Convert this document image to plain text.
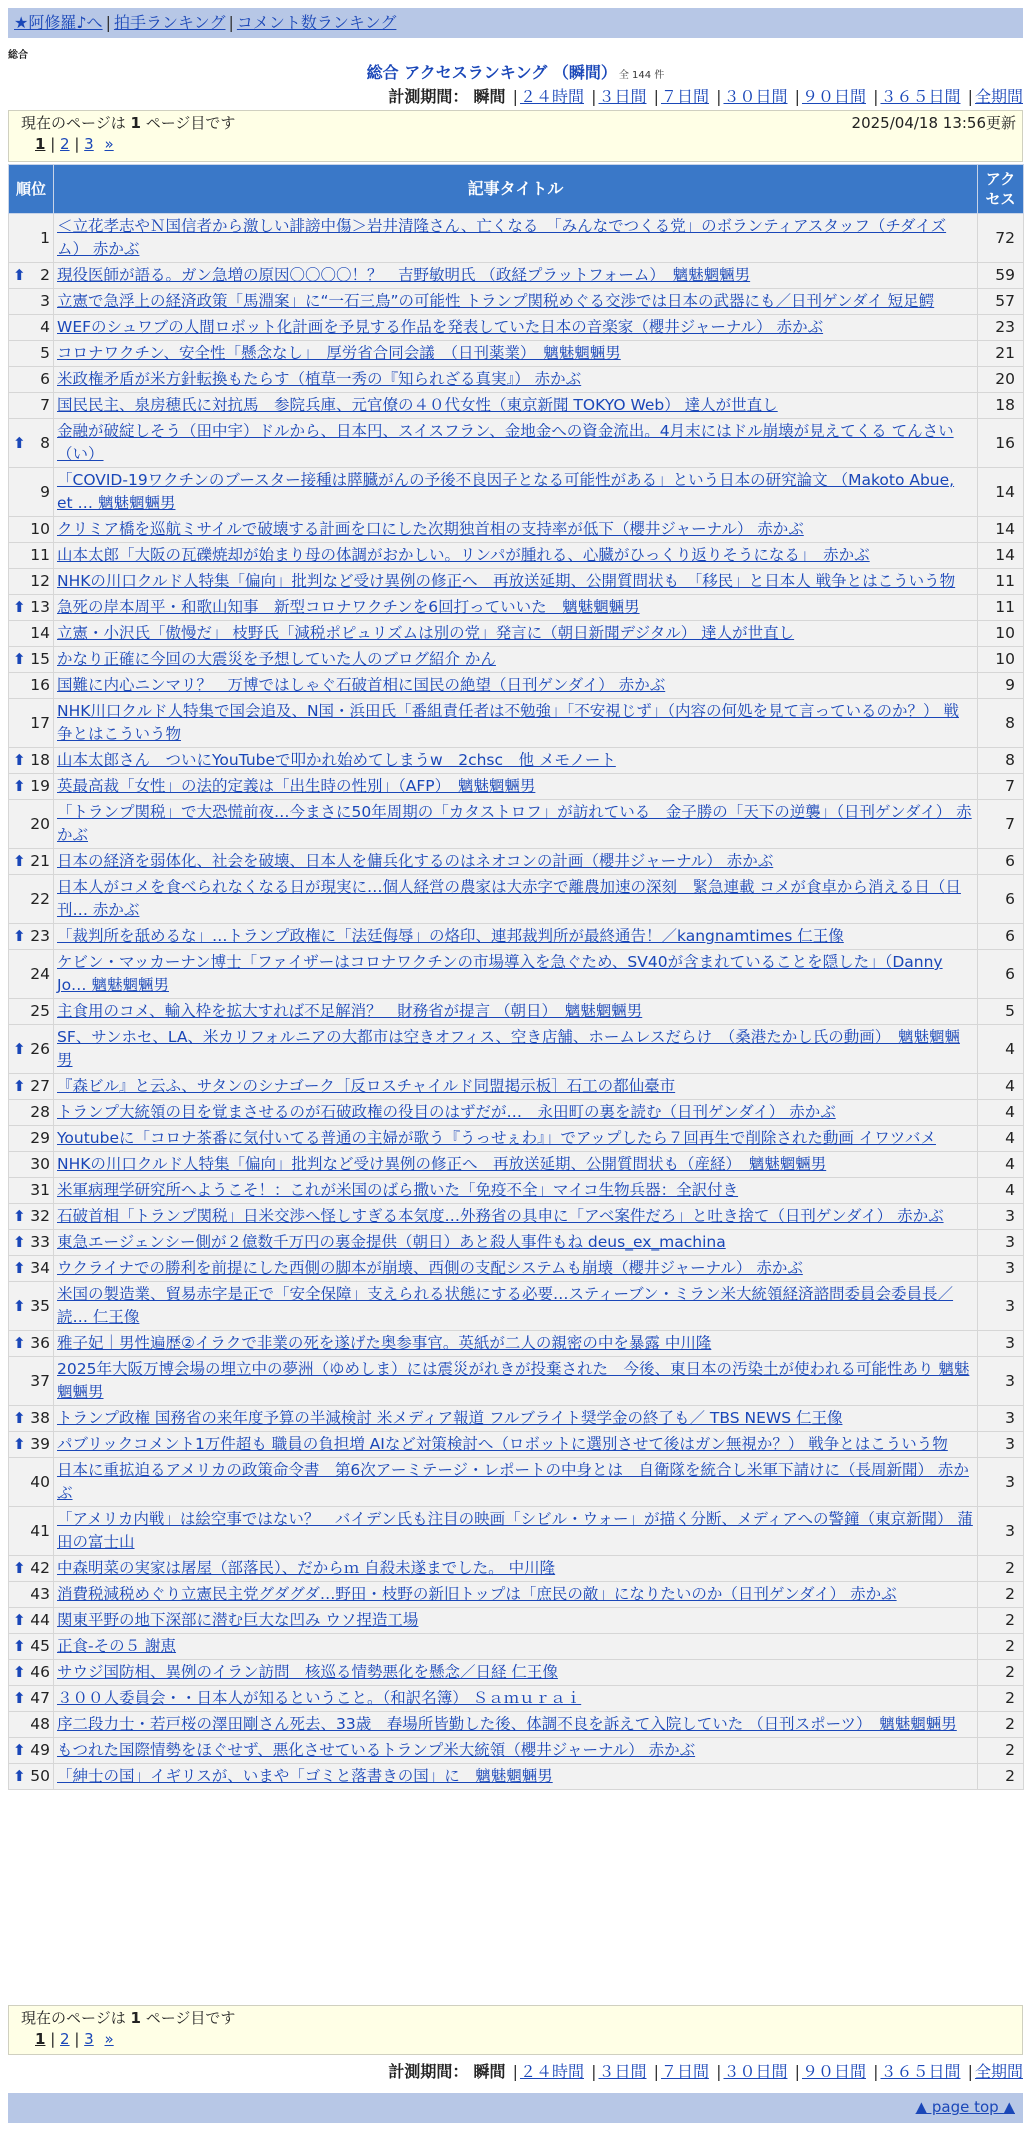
★阿修羅♪へ | 拍手ランキング | コメント数ランキング
総合
総合 アクセスランキング （瞬間） 全 144 件
計測期間： 瞬間 | ２４時間 | ３日間 | ７日間 | ３０日間 | ９０日間 | ３６５日間 | 全期間
現在のページは 1 ページ目です	2025/04/18 13:56更新
1 | 2 | 3 »
順位	記事タイトル	アクセス
1	＜立花孝志やＮ国信者から激しい誹謗中傷＞岩井清隆さん、亡くなる　「みんなでつくる党」のボランティアスタッフ（チダイズム） 赤かぶ	72

⬆ 2	現役医師が語る。ガン急増の原因〇〇〇〇！？　吉野敏明氏 （政経プラットフォーム）　魑魅魍魎男	59
3	立憲で急浮上の経済政策「馬淵案」に“一石三鳥”の可能性 トランプ関税めぐる交渉では日本の武器にも／日刊ゲンダイ 短足鰐	57
4	WEFのシュワブの人間ロボット化計画を予見する作品を発表していた日本の音楽家（櫻井ジャーナル） 赤かぶ	23
5	コロナワクチン、安全性「懸念なし」　厚労省合同会議　（日刊薬業）　魑魅魍魎男	21
6	米政権矛盾が米方針転換もたらす（植草一秀の『知られざる真実』） 赤かぶ	20
7	国民民主、泉房穂氏に対抗馬　参院兵庫、元官僚の４０代女性（東京新聞 TOKYO Web） 達人が世直し	18

⬆ 8	金融が破綻しそう（田中宇）ドルから、日本円、スイスフラン、金地金への資金流出。4月末にはドル崩壊が見えてくる てんさい（い）	16
9	「COVID-19ワクチンのブースター接種は膵臓がんの予後不良因子となる可能性がある」という日本の研究論文 （Makoto Abue, et … 魑魅魍魎男	14
10	クリミア橋を巡航ミサイルで破壊する計画を口にした次期独首相の支持率が低下（櫻井ジャーナル） 赤かぶ	14
11	山本太郎「大阪の瓦礫焼却が始まり母の体調がおかしい。リンパが腫れる、心臓がひっくり返りそうになる」　赤かぶ	14
12	NHKの川口クルド人特集「偏向」批判など受け異例の修正へ　再放送延期、公開質問状も　「移民」と日本人 戦争とはこういう物	11

⬆ 13	急死の岸本周平・和歌山知事　新型コロナワクチンを6回打っていいた　魑魅魍魎男	11
14	立憲・小沢氏「傲慢だ」 枝野氏「減税ポピュリズムは別の党」発言に（朝日新聞デジタル） 達人が世直し	10

⬆ 15	かなり正確に今回の大震災を予想していた人のブログ紹介 かん	10
16	国難に内心ニンマリ？　万博ではしゃぐ石破首相に国民の絶望（日刊ゲンダイ） 赤かぶ	9
17	NHK川口クルド人特集で国会追及、N国・浜田氏「番組責任者は不勉強」「不安視じず」（内容の何処を見て言っているのか？） 戦争とはこういう物	8

⬆ 18	山本太郎さん　ついにYouTubeで叩かれ始めてしまうw　2chsc　他 メモノート	8

⬆ 19	英最高裁「女性」の法的定義は「出生時の性別」（AFP）　魑魅魍魎男	7
20	「トランプ関税」で大恐慌前夜…今まさに50年周期の「カタストロフ」が訪れている　金子勝の「天下の逆襲」（日刊ゲンダイ） 赤かぶ	7

⬆ 21	日本の経済を弱体化、社会を破壊、日本人を傭兵化するのはネオコンの計画（櫻井ジャーナル） 赤かぶ	6
22	日本人がコメを食べられなくなる日が現実に…個人経営の農家は大赤字で離農加速の深刻　緊急連載 コメが食卓から消える日（日刊… 赤かぶ	6

⬆ 23	「裁判所を舐めるな」…トランプ政権に「法廷侮辱」の烙印、連邦裁判所が最終通告！／kangnamtimes 仁王像	6
24	ケビン・マッカーナン博士「ファイザーはコロナワクチンの市場導入を急ぐため、SV40が含まれていることを隠した」（Danny Jo… 魑魅魍魎男	6
25	主食用のコメ、輸入枠を拡大すれば不足解消？　財務省が提言 （朝日）　魑魅魍魎男	5

⬆ 26	SF、サンホセ、LA、米カリフォルニアの大都市は空きオフィス、空き店舗、ホームレスだらけ　（桑港たかし氏の動画）　魑魅魍魎男	4

⬆ 27	『森ビル』と云ふ、サタンのシナゴーク［反ロスチャイルド同盟掲示板］石工の都仙臺市	4
28	トランプ大統領の目を覚まさせるのが石破政権の役目のはずだが…　永田町の裏を読む（日刊ゲンダイ） 赤かぶ	4
29	Youtubeに「コロナ茶番に気付いてる普通の主婦が歌う『うっせぇわ』」でアップしたら７回再生で削除された動画 イワツバメ	4
30	NHKの川口クルド人特集「偏向」批判など受け異例の修正へ　再放送延期、公開質問状も（産経）　魑魅魍魎男	4
31	米軍病理学研究所へようこそ！：これが米国のばら撒いた「免疫不全」マイコ生物兵器：全訳付き	4

⬆ 32	石破首相「トランプ関税」日米交渉へ怪しすぎる本気度…外務省の具申に「アベ案件だろ」と吐き捨て（日刊ゲンダイ） 赤かぶ	3

⬆ 33	東急エージェンシー側が２億数千万円の裏金提供（朝日）あと殺人事件もね deus_ex_machina	3

⬆ 34	ウクライナでの勝利を前提にした西側の脚本が崩壊、西側の支配システムも崩壊（櫻井ジャーナル） 赤かぶ	3

⬆ 35	米国の製造業、貿易赤字是正で「安全保障」支えられる状態にする必要…スティーブン・ミラン米大統領経済諮問委員会委員長／ 読… 仁王像	3

⬆ 36	雅子妃｜男性遍歴②イラクで非業の死を遂げた奥参事官。英紙が二人の親密の中を暴露 中川隆	3
37	2025年大阪万博会場の埋立中の夢洲（ゆめしま）には震災がれきが投棄された　今後、東日本の汚染土が使われる可能性あり 魑魅魍魎男	3

⬆ 38	トランプ政権 国務省の来年度予算の半減検討 米メディア報道 フルブライト奨学金の終了も／ TBS NEWS 仁王像	3

⬆ 39	パブリックコメント1万件超も 職員の負担増 AIなど対策検討へ（ロボットに選別させて後はガン無視か？） 戦争とはこういう物	3
40	日本に重拡迫るアメリカの政策命令書　第6次アーミテージ・レポートの中身とは　自衛隊を統合し米軍下請けに（長周新聞） 赤かぶ	3
41	「アメリカ内戦」は絵空事ではない？　バイデン氏も注目の映画「シビル・ウォー」が描く分断、メディアへの警鐘（東京新聞） 蒲田の富士山	3

⬆ 42	中森明菜の実家は屠屋（部落民）、だからｍ 自殺未遂までした。 中川隆	2
43	消費税減税めぐり立憲民主党グダグダ…野田・枝野の新旧トップは「庶民の敵」になりたいのか（日刊ゲンダイ） 赤かぶ	2

⬆ 44	関東平野の地下深部に潜む巨大な凹み ウソ捏造工場	2

⬆ 45	正食-その５ 謝恵	2

⬆ 46	サウジ国防相、異例のイラン訪問　核巡る情勢悪化を懸念／日経 仁王像	2

⬆ 47	３００人委員会・・日本人が知るということ。（和訳名簿） Ｓａｍｕｒａｉ	2
48	序二段力士・若戸桜の澤田剛さん死去、33歳　春場所皆勤した後、体調不良を訴えて入院していた （日刊スポーツ）　魑魅魍魎男	2

⬆ 49	もつれた国際情勢をほぐせず、悪化させているトランプ米大統領（櫻井ジャーナル） 赤かぶ	2

⬆ 50	「紳士の国」イギリスが、いまや「ゴミと落書きの国」に　魑魅魍魎男	2
現在のページは 1 ページ目です
1 | 2 | 3 »
計測期間： 瞬間 | ２４時間 | ３日間 | ７日間 | ３０日間 | ９０日間 | ３６５日間 | 全期間
▲ page top ▲
